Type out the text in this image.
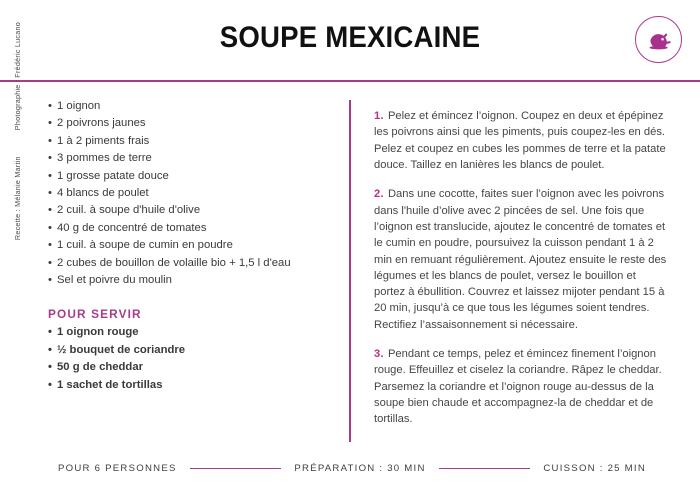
SOUPE MEXICAINE
Photographie : Frédéric Lucano
Recette : Mélanie Martin
• 1 oignon
• 2 poivrons jaunes
• 1 à 2 piments frais
• 3 pommes de terre
• 1 grosse patate douce
• 4 blancs de poulet
• 2 cuil. à soupe d'huile d'olive
• 40 g de concentré de tomates
• 1 cuil. à soupe de cumin en poudre
• 2 cubes de bouillon de volaille bio + 1,5 l d'eau
• Sel et poivre du moulin
POUR SERVIR
• 1 oignon rouge
• ½ bouquet de coriandre
• 50 g de cheddar
• 1 sachet de tortillas

1. Pelez et émincez l’oignon. Coupez en deux et épépinez les poivrons ainsi que les piments, puis coupez-les en dés. Pelez et coupez en cubes les pommes de terre et la patate douce. Taillez en lanières les blancs de poulet.

2. Dans une cocotte, faites suer l’oignon avec les poivrons dans l'huile d’olive avec 2 pincées de sel. Une fois que l’oignon est translucide, ajoutez le concentré de tomates et le cumin en poudre, poursuivez la cuisson pendant 1 à 2 min en remuant régulièrement. Ajoutez ensuite le reste des légumes et les blancs de poulet, versez le bouillon et portez à ébullition. Couvrez et laissez mijoter pendant 15 à 20 min, jusqu’à ce que tous les légumes soient tendres. Rectifiez l’assaisonnement si nécessaire.

3. Pendant ce temps, pelez et émincez finement l’oignon rouge. Effeuillez et ciselez la coriandre. Râpez le cheddar. Parsemez la coriandre et l’oignon rouge au-dessus de la soupe bien chaude et accompagnez-la de cheddar et de tortillas.

POUR 6 PERSONNES	PRÉPARATION : 30 MIN	CUISSON : 25 MIN
